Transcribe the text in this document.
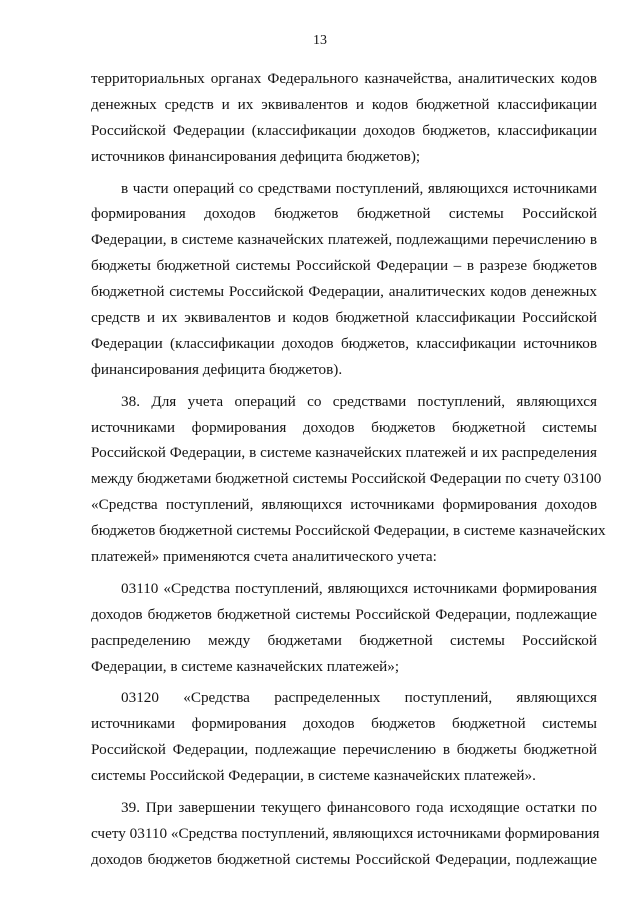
13
территориальных органах Федерального казначейства, аналитических кодов
денежных средств и их эквивалентов и кодов бюджетной классификации
Российской Федерации (классификации доходов бюджетов, классификации
источников финансирования дефицита бюджетов);
в части операций со средствами поступлений, являющихся источниками
формирования доходов бюджетов бюджетной системы Российской
Федерации, в системе казначейских платежей, подлежащими перечислению в
бюджеты бюджетной системы Российской Федерации – в разрезе бюджетов
бюджетной системы Российской Федерации, аналитических кодов денежных
средств и их эквивалентов и кодов бюджетной классификации Российской
Федерации (классификации доходов бюджетов, классификации источников
финансирования дефицита бюджетов).
38. Для учета операций со средствами поступлений, являющихся
источниками формирования доходов бюджетов бюджетной системы
Российской Федерации, в системе казначейских платежей и их распределения
между бюджетами бюджетной системы Российской Федерации по счету 03100
«Средства поступлений, являющихся источниками формирования доходов
бюджетов бюджетной системы Российской Федерации, в системе казначейских
платежей» применяются счета аналитического учета:
03110 «Средства поступлений, являющихся источниками формирования
доходов бюджетов бюджетной системы Российской Федерации, подлежащие
распределению между бюджетами бюджетной системы Российской
Федерации, в системе казначейских платежей»;
03120 «Средства распределенных поступлений, являющихся
источниками формирования доходов бюджетов бюджетной системы
Российской Федерации, подлежащие перечислению в бюджеты бюджетной
системы Российской Федерации, в системе казначейских платежей».
39. При завершении текущего финансового года исходящие остатки по
счету 03110 «Средства поступлений, являющихся источниками формирования
доходов бюджетов бюджетной системы Российской Федерации, подлежащие
